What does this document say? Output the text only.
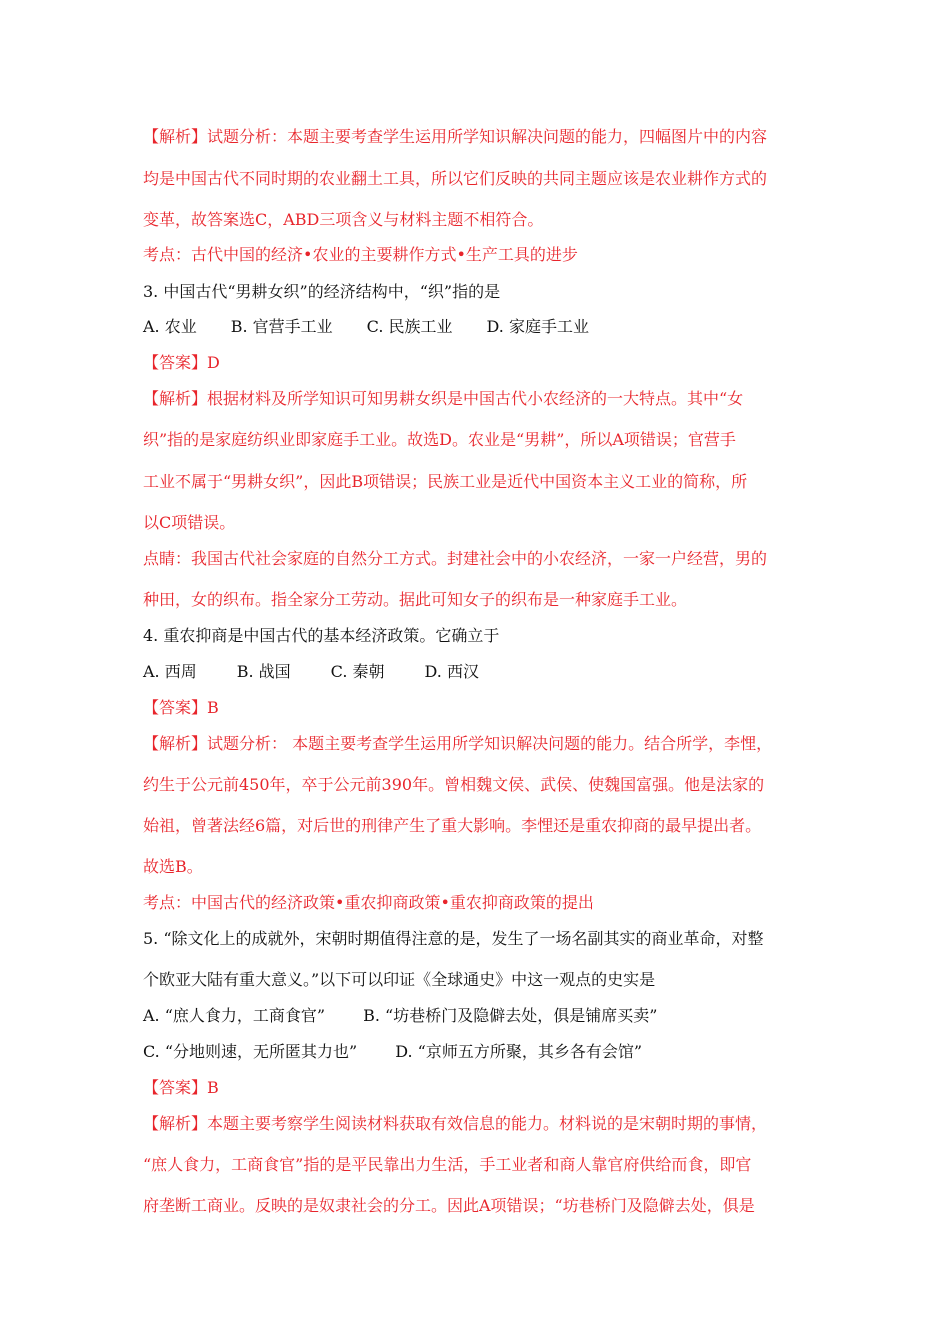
【解析】试题分析：本题主要考查学生运用所学知识解决问题的能力，四幅图片中的内容
均是中国古代不同时期的农业翻土工具，所以它们反映的共同主题应该是农业耕作方式的
变革，故答案选C，ABD三项含义与材料主题不相符合。
考点：古代中国的经济•农业的主要耕作方式•生产工具的进步
3. 中国古代“男耕女织”的经济结构中，“织”指的是
A. 农业 B. 官营手工业 C. 民族工业 D. 家庭手工业
【答案】D
【解析】根据材料及所学知识可知男耕女织是中国古代小农经济的一大特点。其中“女
织”指的是家庭纺织业即家庭手工业。故选D。农业是“男耕”，所以A项错误；官营手
工业不属于“男耕女织”，因此B项错误；民族工业是近代中国资本主义工业的简称，所
以C项错误。
点睛：我国古代社会家庭的自然分工方式。封建社会中的小农经济，一家一户经营，男的
种田，女的织布。指全家分工劳动。据此可知女子的织布是一种家庭手工业。
4. 重农抑商是中国古代的基本经济政策。它确立于
A. 西周	B. 战国	C. 秦朝	D. 西汉
【答案】B
【解析】试题分析： 本题主要考查学生运用所学知识解决问题的能力。结合所学，李悝，
约生于公元前450年，卒于公元前390年。曾相魏文侯、武侯、使魏国富强。他是法家的
始祖，曾著法经6篇，对后世的刑律产生了重大影响。李悝还是重农抑商的最早提出者。
故选B。
考点：中国古代的经济政策•重农抑商政策•重农抑商政策的提出
5. “除文化上的成就外，宋朝时期值得注意的是，发生了一场名副其实的商业革命，对整
个欧亚大陆有重大意义。”以下可以印证《全球通史》中这一观点的史实是
A. “庶人食力，工商食官” B. “坊巷桥门及隐僻去处，俱是铺席买卖”
C. “分地则速，无所匿其力也” D. “京师五方所聚，其乡各有会馆”
【答案】B
【解析】本题主要考察学生阅读材料获取有效信息的能力。材料说的是宋朝时期的事情，
“庶人食力，工商食官”指的是平民靠出力生活，手工业者和商人靠官府供给而食，即官
府垄断工商业。反映的是奴隶社会的分工。因此A项错误；“坊巷桥门及隐僻去处，俱是
